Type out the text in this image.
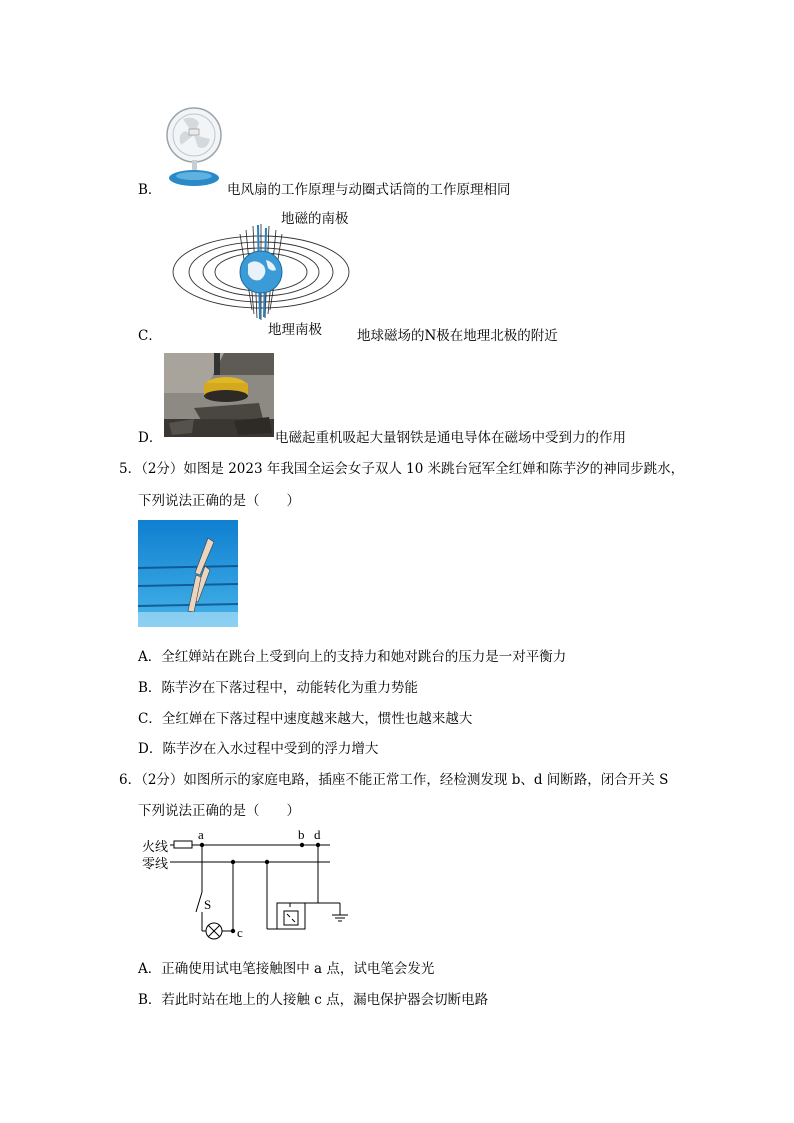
B．	电风扇的工作原理与动圈式话筒的工作原理相同
地磁的南极
地理南极
C．	地球磁场的N极在地理北极的附近
D．	电磁起重机吸起大量钢铁是通电导体在磁场中受到力的作用
5．（2分）如图是 2023 年我国全运会女子双人 10 米跳台冠军全红婵和陈芋汐的神同步跳水，
下列说法正确的是（　　）
A．全红婵站在跳台上受到向上的支持力和她对跳台的压力是一对平衡力
B．陈芋汐在下落过程中，动能转化为重力势能
C．全红婵在下落过程中速度越来越大，惯性也越来越大
D．陈芋汐在入水过程中受到的浮力增大
6．（2分）如图所示的家庭电路，插座不能正常工作，经检测发现 b、d 间断路，闭合开关 S
下列说法正确的是（　　）
火线
零线
a	b d
c
S
A．正确使用试电笔接触图中 a 点，试电笔会发光
B．若此时站在地上的人接触 c 点，漏电保护器会切断电路
